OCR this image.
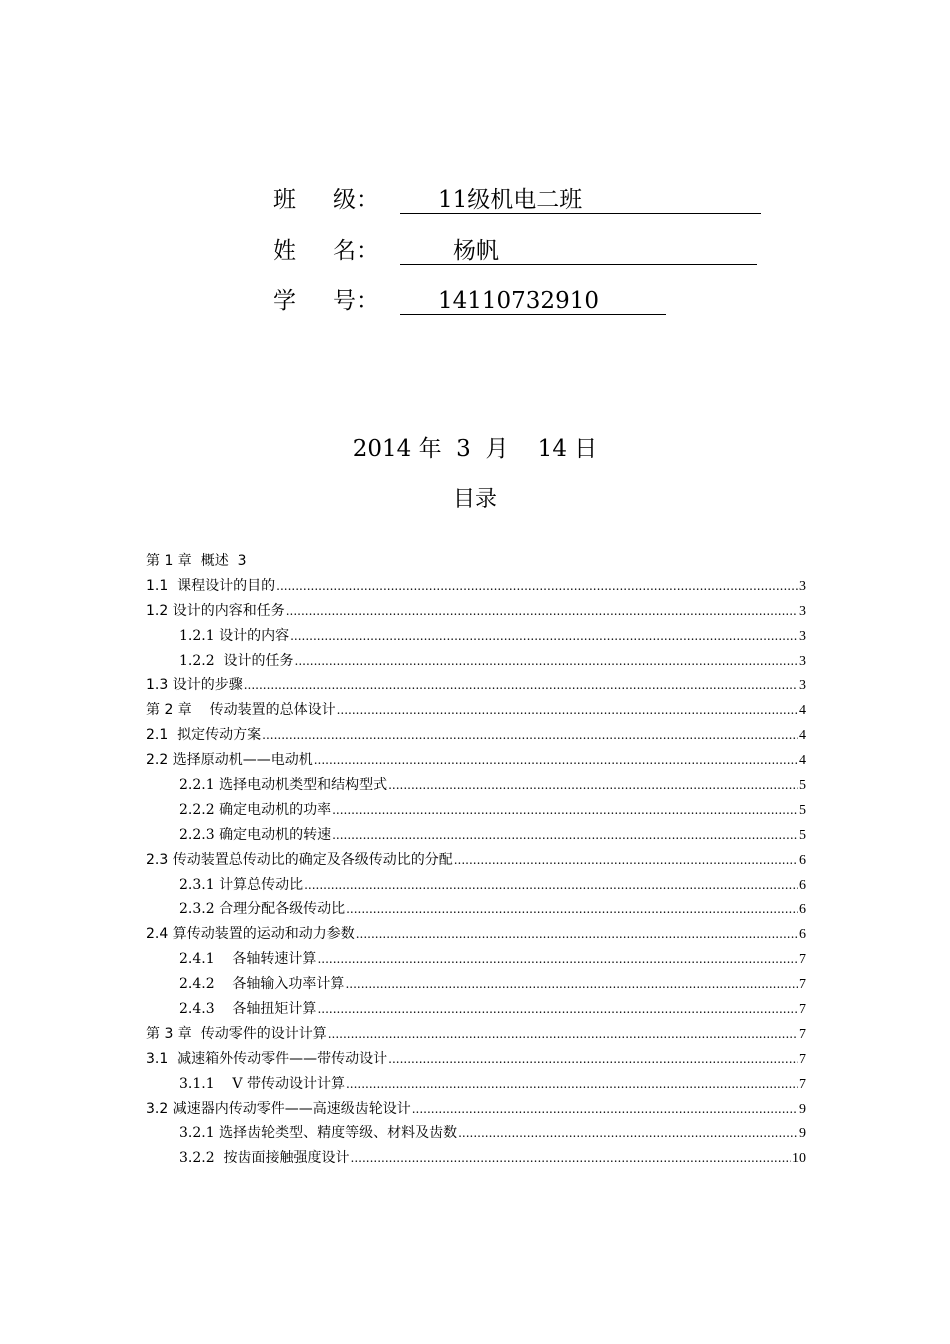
班 级：	11级机电二班
姓 名：	杨帆
学 号：	14110732910
2014 年  3  月    14 日
目录
第 1 章  概述  3
1.1  课程设计的目的 .....	3
1.2 设计的内容和任务 .....	3
1.2.1 设计的内容 .....	3
1.2.2  设计的任务 .....	3
1.3 设计的步骤 .....	3
第 2 章    传动装置的总体设计 .....	4
2.1  拟定传动方案 .....	4
2.2 选择原动机——电动机 .....	4
2.2.1 选择电动机类型和结构型式 .....	5
2.2.2 确定电动机的功率 .....	5
2.2.3 确定电动机的转速 .....	5
2.3 传动装置总传动比的确定及各级传动比的分配 .....	6
2.3.1 计算总传动比 .....	6
2.3.2 合理分配各级传动比 .....	6
2.4 算传动装置的运动和动力参数 .....	6
2.4.1    各轴转速计算 .....	7
2.4.2    各轴输入功率计算 .....	7
2.4.3    各轴扭矩计算 .....	7
第 3 章  传动零件的设计计算 .....	7
3.1  减速箱外传动零件——带传动设计 .....	7
3.1.1    V 带传动设计计算 .....	7
3.2 减速器内传动零件——高速级齿轮设计 .....	9
3.2.1 选择齿轮类型、精度等级、材料及齿数 .....	9
3.2.2  按齿面接触强度设计 .....	10
